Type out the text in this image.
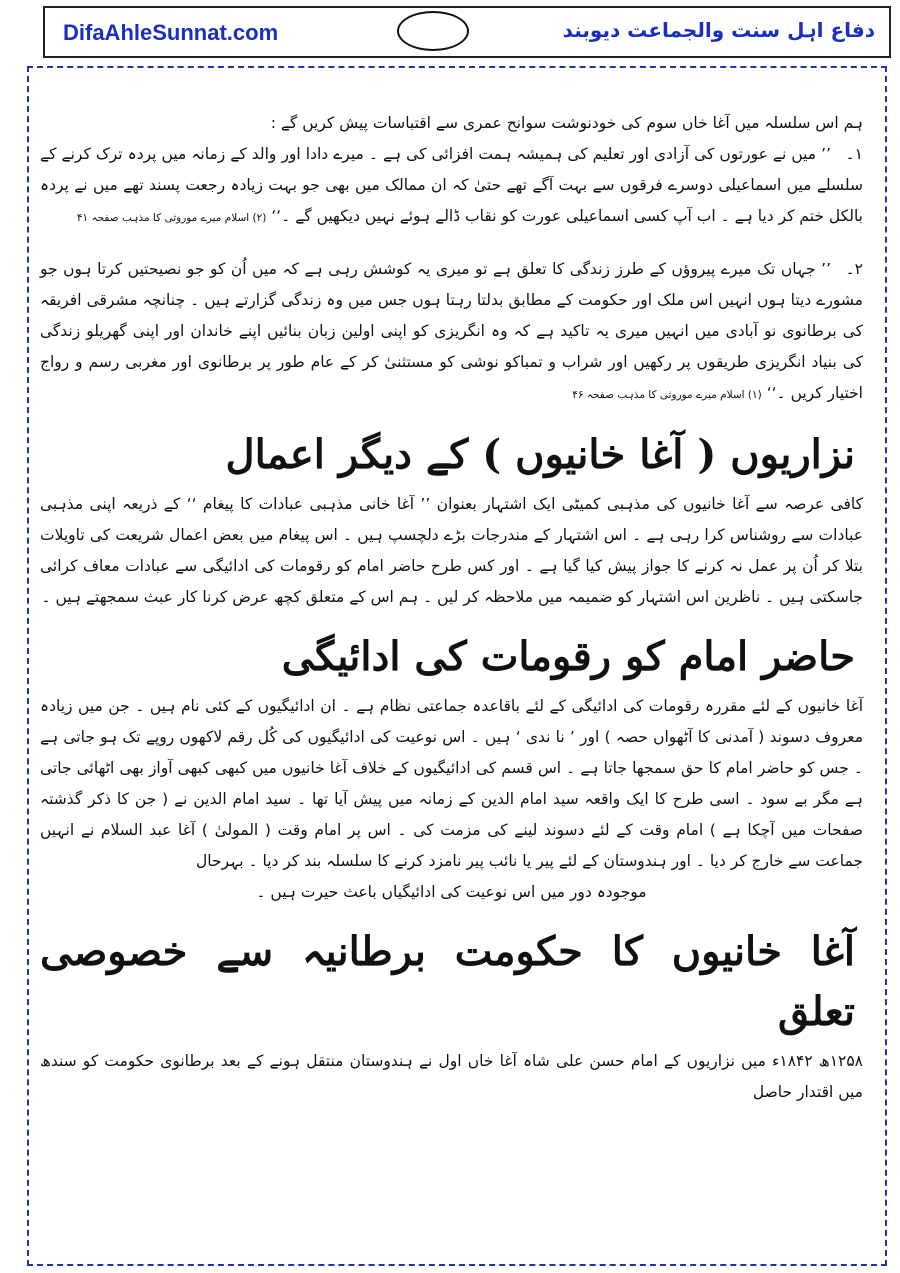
DifaAhleSunnat.com	دفاع اہل سنت والجماعت دیوبند

ہم اس سلسلہ میں آغا خاں سوم کی خودنوشت سوانح عمری سے اقتباسات پیش کریں گے :

۱۔’’ میں نے عورتوں کی آزادی اور تعلیم کی ہمیشہ ہمت افزائی کی ہے ۔ میرے دادا اور والد کے زمانہ میں پردہ ترک کرنے کے سلسلے میں اسماعیلی دوسرے فرقوں سے بہت آگے تھے حتیٰ کہ ان ممالک میں بھی جو بہت زیادہ رجعت پسند تھے میں نے پردہ بالکل ختم کر دیا ہے ۔ اب آپ کسی اسماعیلی عورت کو نقاب ڈالے ہوئے نہیں دیکھیں گے ۔‘‘ (۲) اسلام میرے موروثی کا مذہب صفحہ ۴۱

۲۔’’ جہاں تک میرے پیروؤں کے طرز زندگی کا تعلق ہے تو میری یہ کوشش رہی ہے کہ میں اُن کو جو نصیحتیں کرتا ہوں جو مشورے دیتا ہوں انہیں اس ملک اور حکومت کے مطابق بدلتا رہتا ہوں جس میں وہ زندگی گزارتے ہیں ۔ چنانچہ مشرقی افریقہ کی برطانوی نو آبادی میں انہیں میری یہ تاکید ہے کہ وہ انگریزی کو اپنی اولین زبان بنائیں اپنے خاندان اور اپنی گھریلو زندگی کی بنیاد انگریزی طریقوں پر رکھیں اور شراب و تمباکو نوشی کو مستثنیٰ کر کے عام طور پر برطانوی اور مغربی رسم و رواج اختیار کریں ۔‘‘ (۱) اسلام میرے موروثی کا مذہب صفحہ ۴۶

نزاریوں ( آغا خانیوں ) کے دیگر اعمال

کافی عرصہ سے آغا خانیوں کی مذہبی کمیٹی ایک اشتہار بعنوان ’’ آغا خانی مذہبی عبادات کا پیغام ‘‘ کے ذریعہ اپنی مذہبی عبادات سے روشناس کرا رہی ہے ۔ اس اشتہار کے مندرجات بڑے دلچسپ ہیں ۔ اس پیغام میں بعض اعمال شریعت کی تاویلات بتلا کر اُن پر عمل نہ کرنے کا جواز پیش کیا گیا ہے ۔ اور کس طرح حاضر امام کو رقومات کی ادائیگی سے عبادات معاف کرائی جاسکتی ہیں ۔ ناظرین اس اشتہار کو ضمیمہ میں ملاحظہ کر لیں ۔ ہم اس کے متعلق کچھ عرض کرنا کار عبث سمجھتے ہیں ۔

حاضر امام کو رقومات کی ادائیگی

آغا خانیوں کے لئے مقررہ رقومات کی ادائیگی کے لئے باقاعدہ جماعتی نظام ہے ۔ ان ادائیگیوں کے کئی نام ہیں ۔ جن میں زیادہ معروف دسوند ( آمدنی کا آٹھواں حصہ ) اور ’ نا ندی ‘ ہیں ۔ اس نوعیت کی ادائیگیوں کی کُل رقم لاکھوں روپے تک ہو جاتی ہے ۔ جس کو حاضر امام کا حق سمجھا جاتا ہے ۔ اس قسم کی ادائیگیوں کے خلاف آغا خانیوں میں کبھی کبھی آواز بھی اٹھائی جاتی ہے مگر بے سود ۔ اسی طرح کا ایک واقعہ سید امام الدین کے زمانہ میں پیش آیا تھا ۔ سید امام الدین نے ( جن کا ذکر گذشتہ صفحات میں آچکا ہے ) امام وقت کے لئے دسوند لینے کی مزمت کی ۔ اس پر امام وقت ( المولیٰ ) آغا عبد السلام نے انہیں جماعت سے خارج کر دیا ۔ اور ہندوستان کے لئے پیر یا نائب پیر نامزد کرنے کا سلسلہ بند کر دیا ۔ بہرحال

موجودہ دور میں اس نوعیت کی ادائیگیاں باعث حیرت ہیں ۔

آغا خانیوں کا حکومت برطانیہ سے خصوصی تعلق

۱۲۵۸ھ ۱۸۴۲ء میں نزاریوں کے امام حسن علی شاہ آغا خاں اول نے ہندوستان منتقل ہونے کے بعد برطانوی حکومت کو سندھ میں اقتدار حاصل
